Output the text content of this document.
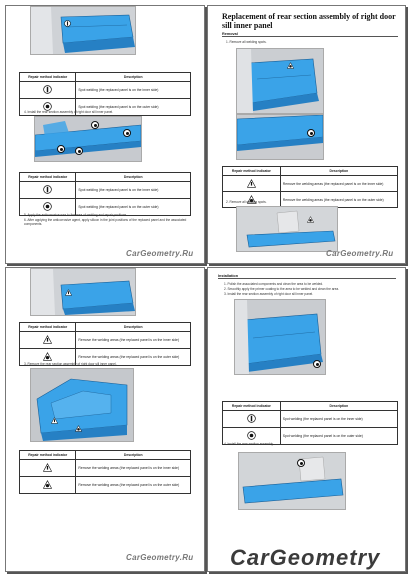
Repair method indicator	Description

	Spot welding (the replaced panel is on the inner side)

	Spot welding (the replaced panel is on the outer side)
4. Install the rear section assembly of right door sill inner panel.
Repair method indicator	Description

	Spot welding (the replaced panel is on the inner side)

	Spot welding (the replaced panel is on the outer side)
5. Apply the anticorrosive wax to the area of welding and repair positions.
6. After applying the anticorrosive agent, apply silicon in the joint positions of the replaced panel and the associated components.
CarGeometry.Ru
Replacement of rear section assembly of right door sill inner panel
Removal
1. Remove all welding spots.
Repair method indicator	Description

	Remove the welding areas (the replaced panel is on the inner side)

	Remove the welding areas (the replaced panel is on the outer side)
2. Remove all welding spots.
CarGeometry.Ru
Repair method indicator	Description

	Remove the welding areas (the replaced panel is on the inner side)

	Remove the welding areas (the replaced panel is on the outer side)
3. Remove the rear section assembly of right door sill inner panel.
Repair method indicator	Description

	Remove the welding areas (the replaced panel is on the inner side)

	Remove the welding areas (the replaced panel is on the outer side)
CarGeometry.Ru
Installation
1. Polish the associated components and clean the area to be welded.
2. Smoothly apply the primer coating to the area to be welded and clean the area.
3. Install the rear section assembly of right door sill inner panel.
Repair method indicator	Description

	Spot welding (the replaced panel is on the inner side)

	Spot welding (the replaced panel is on the outer side)
4. Install the rear section assembly.
CarGeometry
